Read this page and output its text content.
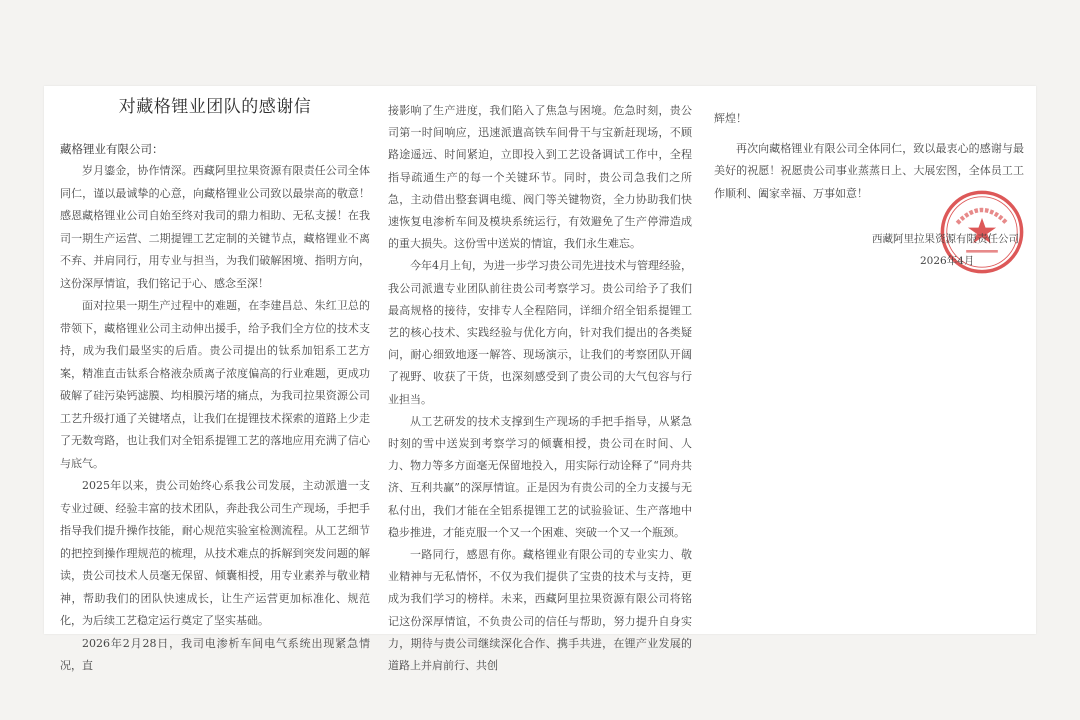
对藏格锂业团队的感谢信
藏格锂业有限公司：

岁月鎏金，协作情深。西藏阿里拉果资源有限责任公司全体同仁，谨以最诚挚的心意，向藏格锂业公司致以最崇高的敬意！感恩藏格锂业公司自始至终对我司的鼎力相助、无私支援！在我司一期生产运营、二期提锂工艺定制的关键节点，藏格锂业不离不弃、并肩同行，用专业与担当，为我们破解困境、指明方向，这份深厚情谊，我们铭记于心、感念至深！

面对拉果一期生产过程中的难题，在李建昌总、朱红卫总的带领下，藏格锂业公司主动伸出援手，给予我们全方位的技术支持，成为我们最坚实的后盾。贵公司提出的钛系加铝系工艺方案，精准直击钛系合格液杂质离子浓度偏高的行业难题，更成功破解了硅污染钙滤膜、均相膜污堵的痛点，为我司拉果资源公司工艺升级打通了关键堵点，让我们在提锂技术探索的道路上少走了无数弯路，也让我们对全铝系提锂工艺的落地应用充满了信心与底气。

2025年以来，贵公司始终心系我公司发展，主动派遣一支专业过硬、经验丰富的技术团队，奔赴我公司生产现场，手把手指导我们提升操作技能，耐心规范实验室检测流程。从工艺细节的把控到操作理规范的梳理，从技术难点的拆解到突发问题的解读，贵公司技术人员毫无保留、倾囊相授，用专业素养与敬业精神，帮助我们的团队快速成长，让生产运营更加标准化、规范化，为后续工艺稳定运行奠定了坚实基础。

2026年2月28日，我司电渗析车间电气系统出现紧急情况，直

接影响了生产进度，我们陷入了焦急与困境。危急时刻，贵公司第一时间响应，迅速派遣高铁车间骨干与宝新赶现场，不顾路途遥远、时间紧迫，立即投入到工艺设备调试工作中，全程指导疏通生产的每一个关键环节。同时，贵公司急我们之所急，主动借出整套调电缆、阀门等关键物资，全力协助我们快速恢复电渗析车间及模块系统运行，有效避免了生产停滞造成的重大损失。这份雪中送炭的情谊，我们永生难忘。

今年4月上旬，为进一步学习贵公司先进技术与管理经验，我公司派遣专业团队前往贵公司考察学习。贵公司给予了我们最高规格的接待，安排专人全程陪同，详细介绍全铝系提锂工艺的核心技术、实践经验与优化方向，针对我们提出的各类疑问，耐心细致地逐一解答、现场演示，让我们的考察团队开阔了视野、收获了干货，也深刻感受到了贵公司的大气包容与行业担当。

从工艺研发的技术支撑到生产现场的手把手指导，从紧急时刻的雪中送炭到考察学习的倾囊相授，贵公司在时间、人力、物力等多方面毫无保留地投入，用实际行动诠释了“同舟共济、互利共赢”的深厚情谊。正是因为有贵公司的全力支援与无私付出，我们才能在全铝系提锂工艺的试验验证、生产落地中稳步推进，才能克服一个又一个困难、突破一个又一个瓶颈。

一路同行，感恩有你。藏格锂业有限公司的专业实力、敬业精神与无私情怀，不仅为我们提供了宝贵的技术与支持，更成为我们学习的榜样。未来，西藏阿里拉果资源有限公司将铭记这份深厚情谊，不负贵公司的信任与帮助，努力提升自身实力，期待与贵公司继续深化合作、携手共进，在锂产业发展的道路上并肩前行、共创

辉煌！

再次向藏格锂业有限公司全体同仁，致以最衷心的感谢与最美好的祝愿！祝愿贵公司事业蒸蒸日上、大展宏图，全体员工工作顺利、阖家幸福、万事如意！

西藏阿里拉果资源有限责任公司
2026年4月
